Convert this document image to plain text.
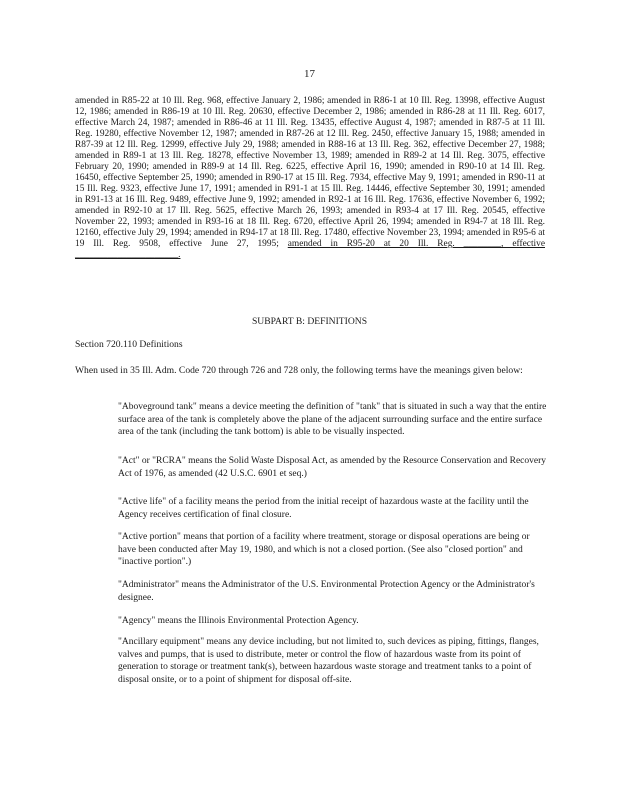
17

amended in R85-22 at 10 Ill. Reg. 968, effective January 2, 1986; amended in R86-1 at 10 Ill. Reg. 13998, effective August 12, 1986; amended in R86-19 at 10 Ill. Reg. 20630, effective December 2, 1986; amended in R86-28 at 11 Ill. Reg. 6017, effective March 24, 1987; amended in R86-46 at 11 Ill. Reg. 13435, effective August 4, 1987; amended in R87-5 at 11 Ill. Reg. 19280, effective November 12, 1987; amended in R87-26 at 12 Ill. Reg. 2450, effective January 15, 1988; amended in R87-39 at 12 Ill. Reg. 12999, effective July 29, 1988; amended in R88-16 at 13 Ill. Reg. 362, effective December 27, 1988; amended in R89-1 at 13 Ill. Reg. 18278, effective November 13, 1989; amended in R89-2 at 14 Ill. Reg. 3075, effective February 20, 1990; amended in R89-9 at 14 Ill. Reg. 6225, effective April 16, 1990; amended in R90-10 at 14 Ill. Reg. 16450, effective September 25, 1990; amended in R90-17 at 15 Ill. Reg. 7934, effective May 9, 1991; amended in R90-11 at 15 Ill. Reg. 9323, effective June 17, 1991; amended in R91-1 at 15 Ill. Reg. 14446, effective September 30, 1991; amended in R91-13 at 16 Ill. Reg. 9489, effective June 9, 1992; amended in R92-1 at 16 Ill. Reg. 17636, effective November 6, 1992; amended in R92-10 at 17 Ill. Reg. 5625, effective March 26, 1993; amended in R93-4 at 17 Ill. Reg. 20545, effective November 22, 1993; amended in R93-16 at 18 Ill. Reg. 6720, effective April 26, 1994; amended in R94-7 at 18 Ill. Reg. 12160, effective July 29, 1994; amended in R94-17 at 18 Ill. Reg. 17480, effective November 23, 1994; amended in R95-6 at 19 Ill. Reg. 9508, effective June 27, 1995; amended in R95-20 at 20 Ill. Reg. ________, effective ______________________.

SUBPART B: DEFINITIONS
Section 720.110 Definitions

When used in 35 Ill. Adm. Code 720 through 726 and 728 only, the following terms have the meanings given below:

"Aboveground tank" means a device meeting the definition of "tank" that is situated in such a way that the entire surface area of the tank is completely above the plane of the adjacent surrounding surface and the entire surface area of the tank (including the tank bottom) is able to be visually inspected.

"Act" or "RCRA" means the Solid Waste Disposal Act, as amended by the Resource Conservation and Recovery Act of 1976, as amended (42 U.S.C. 6901 et seq.)

"Active life" of a facility means the period from the initial receipt of hazardous waste at the facility until the Agency receives certification of final closure.

"Active portion" means that portion of a facility where treatment, storage or disposal operations are being or have been conducted after May 19, 1980, and which is not a closed portion. (See also "closed portion" and "inactive portion".)

"Administrator" means the Administrator of the U.S. Environmental Protection Agency or the Administrator's designee.

"Agency" means the Illinois Environmental Protection Agency.

"Ancillary equipment" means any device including, but not limited to, such devices as piping, fittings, flanges, valves and pumps, that is used to distribute, meter or control the flow of hazardous waste from its point of generation to storage or treatment tank(s), between hazardous waste storage and treatment tanks to a point of disposal onsite, or to a point of shipment for disposal off-site.
